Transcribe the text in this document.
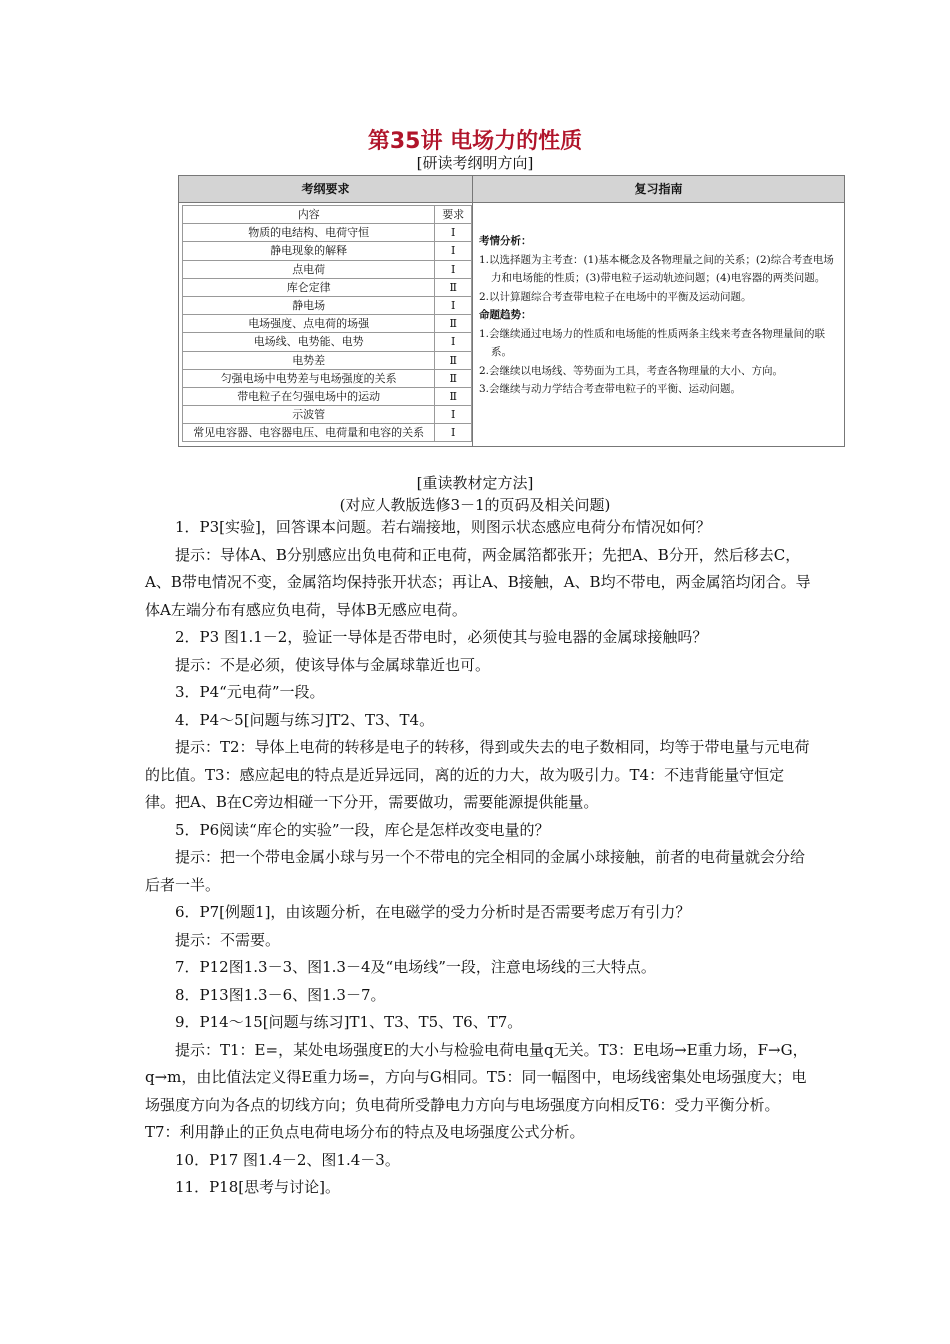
第35讲 电场力的性质
[研读考纲明方向]
考纲要求	复习指南
内容	要求
物质的电结构、电荷守恒	Ⅰ
静电现象的解释	Ⅰ
点电荷	Ⅰ
库仑定律	Ⅱ
静电场	Ⅰ
电场强度、点电荷的场强	Ⅱ
电场线、电势能、电势	Ⅰ
电势差	Ⅱ
匀强电场中电势差与电场强度的关系	Ⅱ
带电粒子在匀强电场中的运动	Ⅱ
示波管	Ⅰ
常见电容器、电容器电压、电荷量和电容的关系	Ⅰ
考情分析：
1.以选择题为主考查：(1)基本概念及各物理量之间的关系；(2)综合考查电场力和电场能的性质；(3)带电粒子运动轨迹问题；(4)电容器的两类问题。
2.以计算题综合考查带电粒子在电场中的平衡及运动问题。
命题趋势：
1.会继续通过电场力的性质和电场能的性质两条主线来考查各物理量间的联系。
2.会继续以电场线、等势面为工具，考查各物理量的大小、方向。
3.会继续与动力学结合考查带电粒子的平衡、运动问题。
[重读教材定方法]
(对应人教版选修3－1的页码及相关问题)

1．P3[实验]，回答课本问题。若右端接地，则图示状态感应电荷分布情况如何？

提示：导体A、B分别感应出负电荷和正电荷，两金属箔都张开；先把A、B分开，然后移去C，A、B带电情况不变，金属箔均保持张开状态；再让A、B接触，A、B均不带电，两金属箔均闭合。导体A左端分布有感应负电荷，导体B无感应电荷。

2．P3 图1.1－2，验证一导体是否带电时，必须使其与验电器的金属球接触吗？

提示：不是必须，使该导体与金属球靠近也可。

3．P4“元电荷”一段。

4．P4～5[问题与练习]T2、T3、T4。

提示：T2：导体上电荷的转移是电子的转移，得到或失去的电子数相同，均等于带电量与元电荷的比值。T3：感应起电的特点是近异远同，离的近的力大，故为吸引力。T4：不违背能量守恒定律。把A、B在C旁边相碰一下分开，需要做功，需要能源提供能量。

5．P6阅读“库仑的实验”一段，库仑是怎样改变电量的？

提示：把一个带电金属小球与另一个不带电的完全相同的金属小球接触，前者的电荷量就会分给后者一半。

6．P7[例题1]，由该题分析，在电磁学的受力分析时是否需要考虑万有引力？

提示：不需要。

7．P12图1.3－3、图1.3－4及“电场线”一段，注意电场线的三大特点。

8．P13图1.3－6、图1.3－7。

9．P14～15[问题与练习]T1、T3、T5、T6、T7。

提示：T1：E=，某处电场强度E的大小与检验电荷电量q无关。T3：E电场→E重力场，F→G，q→m，由比值法定义得E重力场=，方向与G相同。T5：同一幅图中，电场线密集处电场强度大；电场强度方向为各点的切线方向；负电荷所受静电力方向与电场强度方向相反T6：受力平衡分析。T7：利用静止的正负点电荷电场分布的特点及电场强度公式分析。

10．P17 图1.4－2、图1.4－3。

11．P18[思考与讨论]。
